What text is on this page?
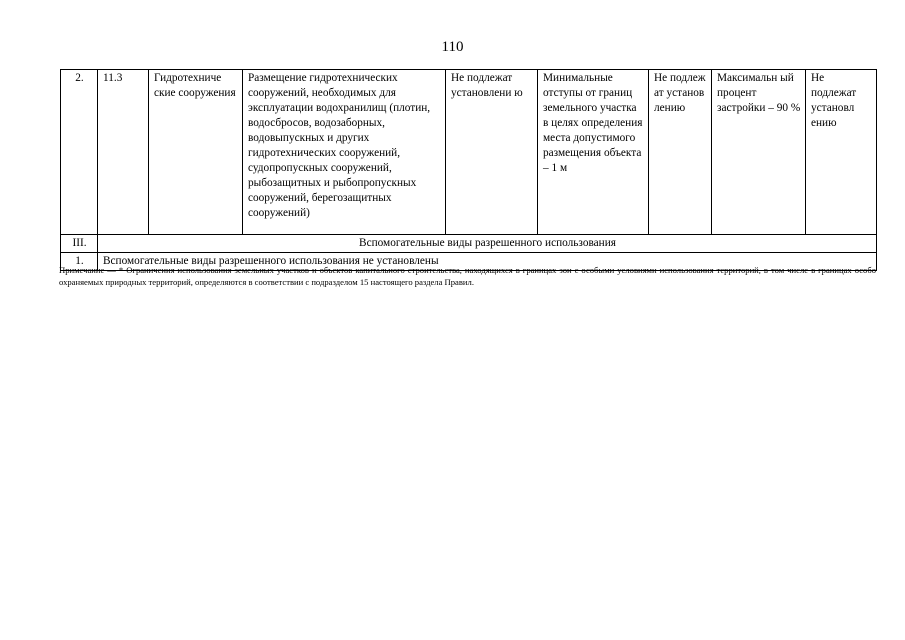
110
2.	11.3	Гидротехниче ские сооружения	Размещение гидротехнических сооружений, необходимых для эксплуатации водохранилищ (плотин, водосбросов, водозаборных, водовыпускных и других гидротехнических сооружений, судопропускных сооружений, рыбозащитных и рыбопропускных сооружений, берегозащитных сооружений)	Не подлежат установлени ю	Минимальные отступы от границ земельного участка в целях определения места допустимого размещения объекта – 1 м	Не подлеж ат установ лению	Максимальн ый процент застройки – 90 %	Не подлежат установл ению
III.	Вспомогательные виды разрешенного использования							
1.	Вспомогательные виды разрешенного использования не установлены							
Примечание — * Ограничения использования земельных участков и объектов капитального строительства, находящихся в границах зон с особыми условиями использования территорий, в том числе в границах особо охраняемых природных территорий, определяются в соответствии с подразделом 15 настоящего раздела Правил.
